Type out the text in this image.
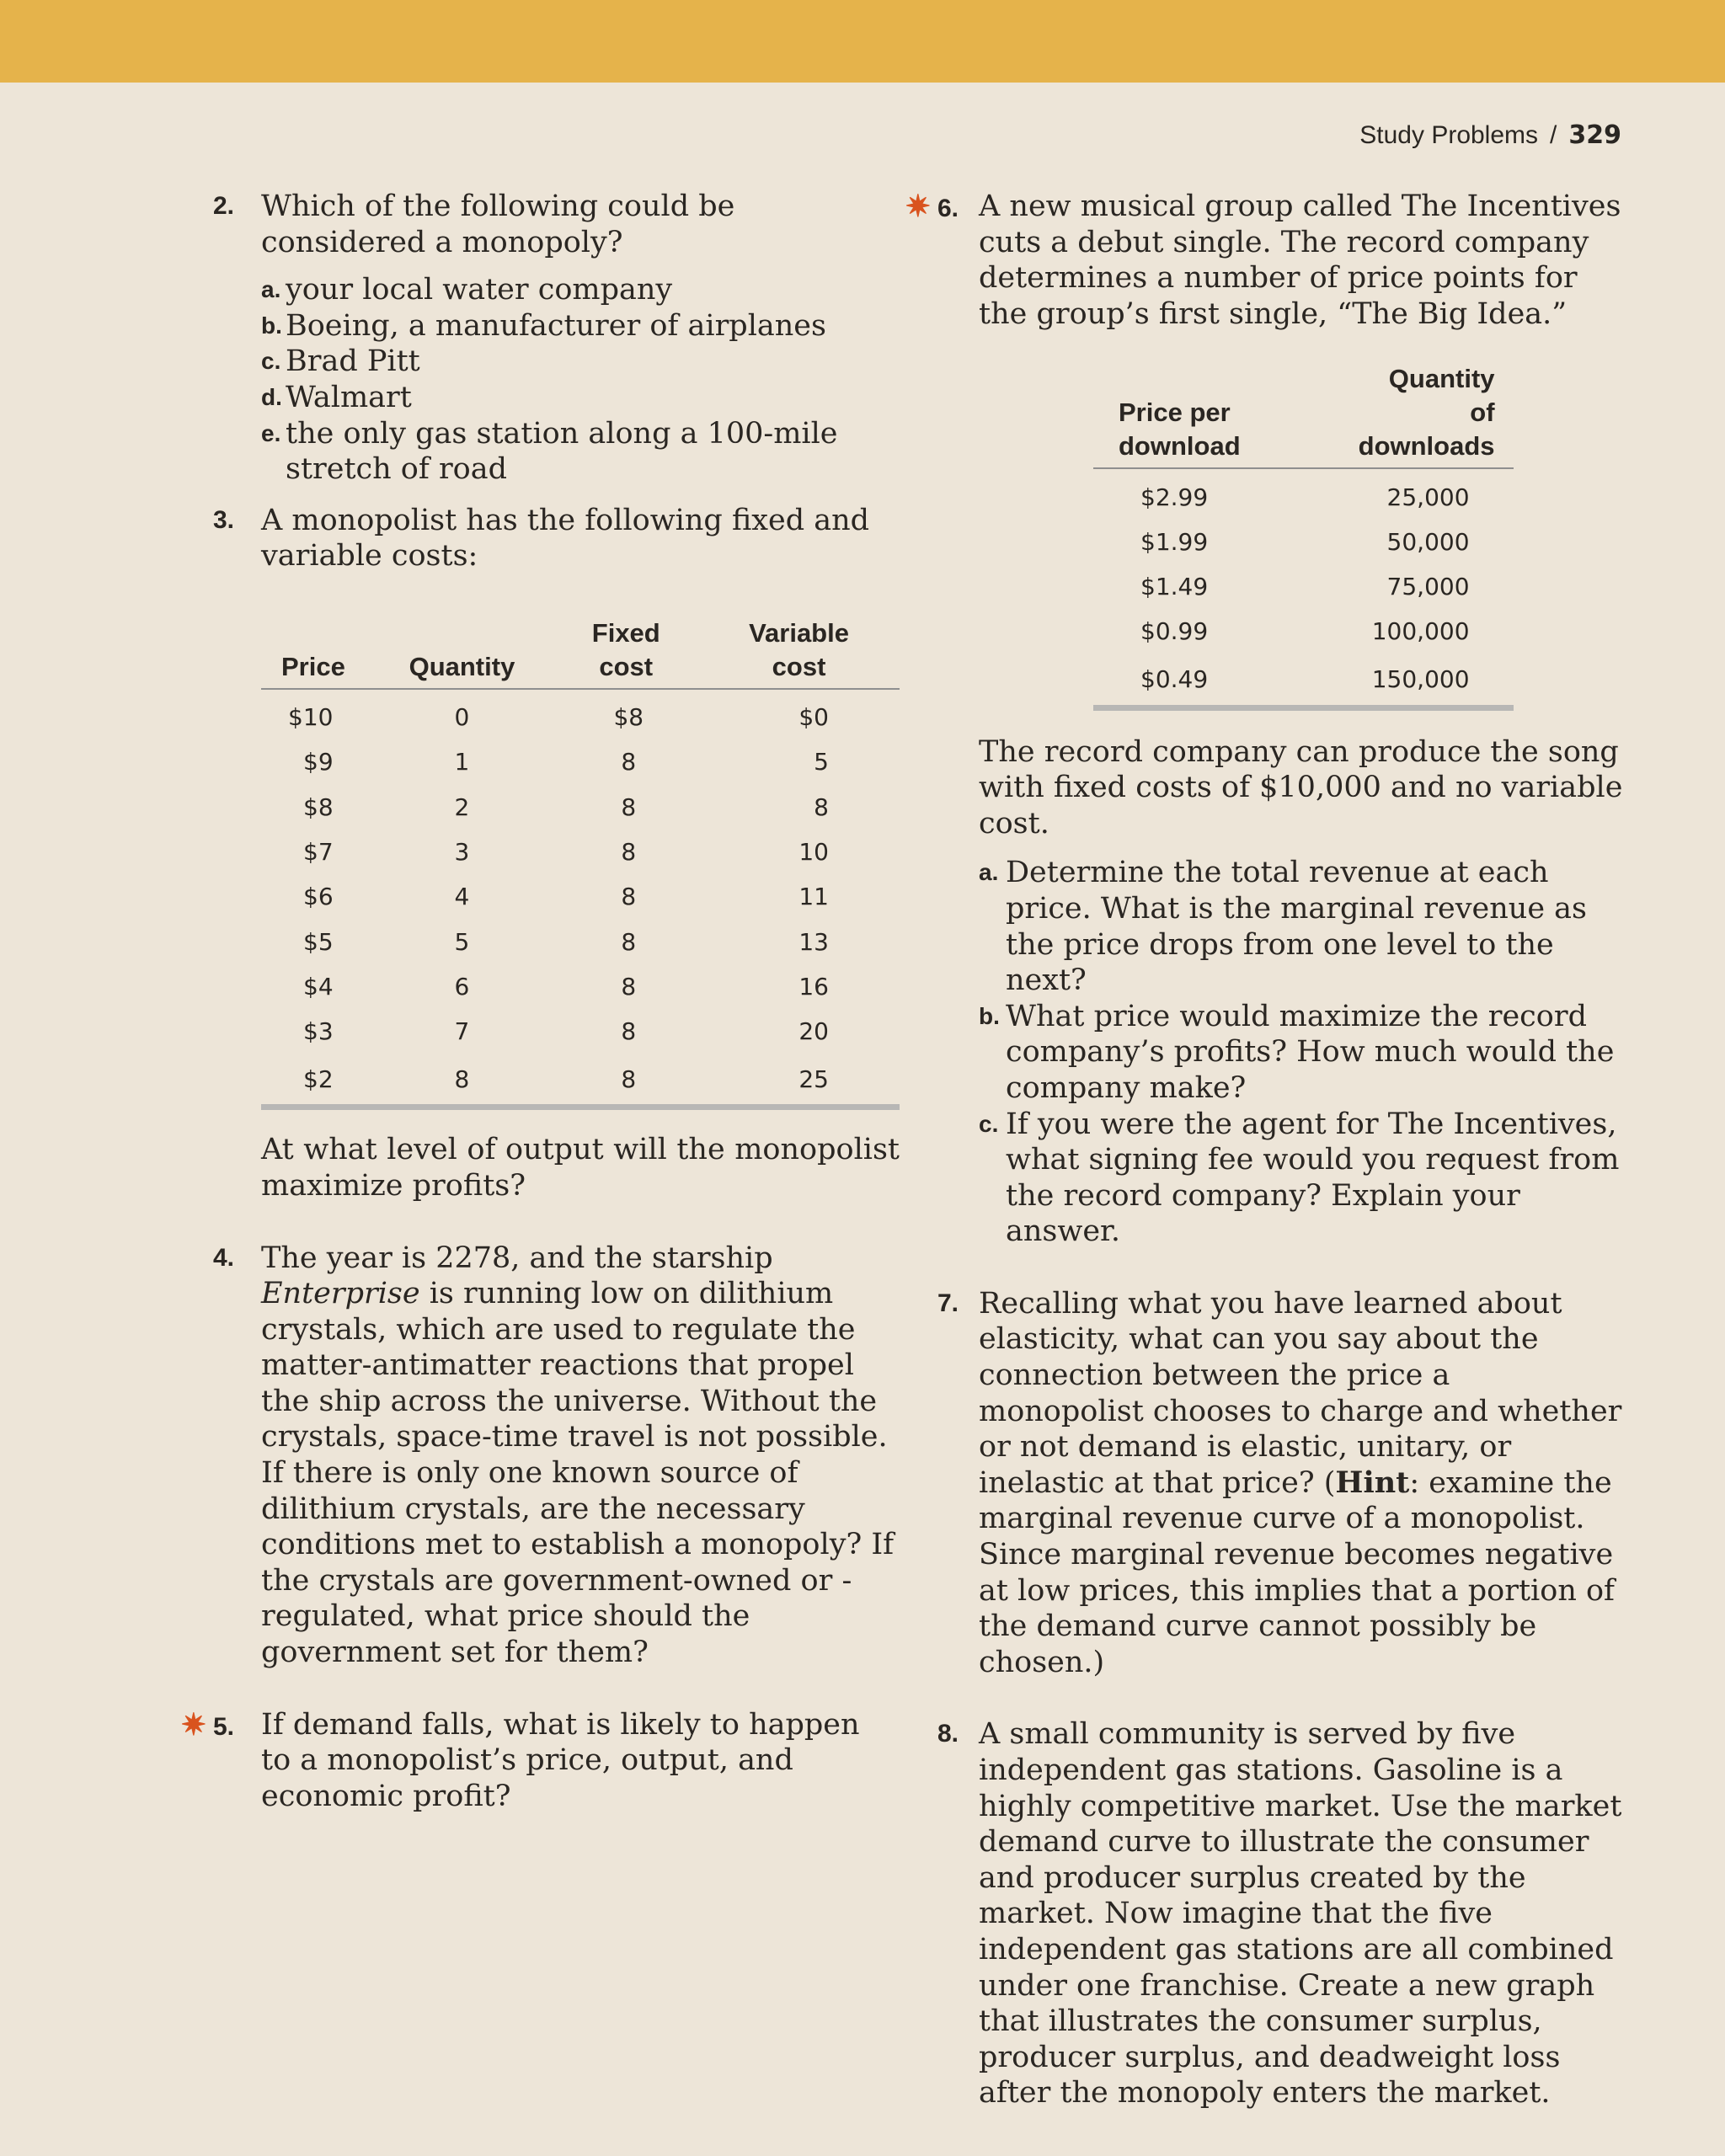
Study Problems / 329
2. Which of the following could be considered a monopoly?

a. your local water company
b. Boeing, a manufacturer of airplanes
c. Brad Pitt
d. Walmart
e. the only gas station along a 100-mile stretch of road
3. A monopolist has the following fixed and variable costs:

Price	Quantity	Fixed cost	Variable cost
$10	0	$8	$0
$9	1	8	5
$8	2	8	8
$7	3	8	10
$6	4	8	11
$5	5	8	13
$4	6	8	16
$3	7	8	20
$2	8	8	25

At what level of output will the monopolist maximize profits?

4. The year is 2278, and the starship Enterprise is running low on dilithium crystals, which are used to regulate the matter-antimatter reactions that propel the ship across the universe. Without the crystals, space-time travel is not possible. If there is only one known source of dilithium crystals, are the necessary conditions met to establish a monopoly? If the crystals are government-owned or -regulated, what price should the government set for them?

✷ 5. If demand falls, what is likely to happen to a monopolist’s price, output, and economic profit?

✷ 6. A new musical group called The Incentives cuts a debut single. The record company determines a number of price points for the group’s first single, “The Big Idea.”

Price per download	Quantity of downloads
$2.99	25,000
$1.99	50,000
$1.49	75,000
$0.99	100,000
$0.49	150,000

The record company can produce the song with fixed costs of $10,000 and no variable cost.

a. Determine the total revenue at each price. What is the marginal revenue as the price drops from one level to the next?
b. What price would maximize the record company’s profits? How much would the company make?
c. If you were the agent for The Incentives, what signing fee would you request from the record company? Explain your answer.
7. Recalling what you have learned about elasticity, what can you say about the connection between the price a monopolist chooses to charge and whether or not demand is elastic, unitary, or inelastic at that price? (Hint: examine the marginal revenue curve of a monopolist. Since marginal revenue becomes negative at low prices, this implies that a portion of the demand curve cannot possibly be chosen.)

8. A small community is served by five independent gas stations. Gasoline is a highly competitive market. Use the market demand curve to illustrate the consumer and producer surplus created by the market. Now imagine that the five independent gas stations are all combined under one franchise. Create a new graph that illustrates the consumer surplus, producer surplus, and deadweight loss after the monopoly enters the market.
